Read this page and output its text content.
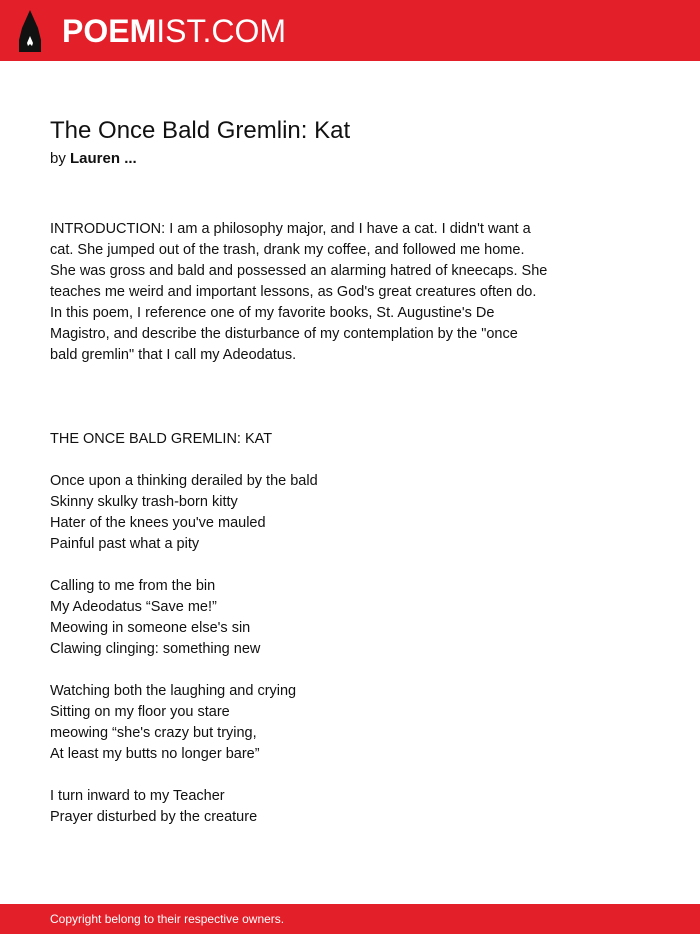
POEMIST.COM
The Once Bald Gremlin: Kat
by Lauren ...
INTRODUCTION: I am a philosophy major, and I have a cat. I didn't want a
cat. She jumped out of the trash, drank my coffee, and followed me home.
She was gross and bald and possessed an alarming hatred of kneecaps. She
teaches me weird and important lessons, as God's great creatures often do.
In this poem, I reference one of my favorite books, St. Augustine's De
Magistro, and describe the disturbance of my contemplation by the "once
bald gremlin" that I call my Adeodatus.
THE ONCE BALD GREMLIN: KAT
Once upon a thinking derailed by the bald
Skinny skulky trash-born kitty
Hater of the knees you've mauled
Painful past what a pity
Calling to me from the bin
My Adeodatus “Save me!”
Meowing in someone else's sin
Clawing clinging: something new
Watching both the laughing and crying
Sitting on my floor you stare
meowing “she's crazy but trying,
At least my butts no longer bare”
I turn inward to my Teacher
Prayer disturbed by the creature
Copyright belong to their respective owners.
